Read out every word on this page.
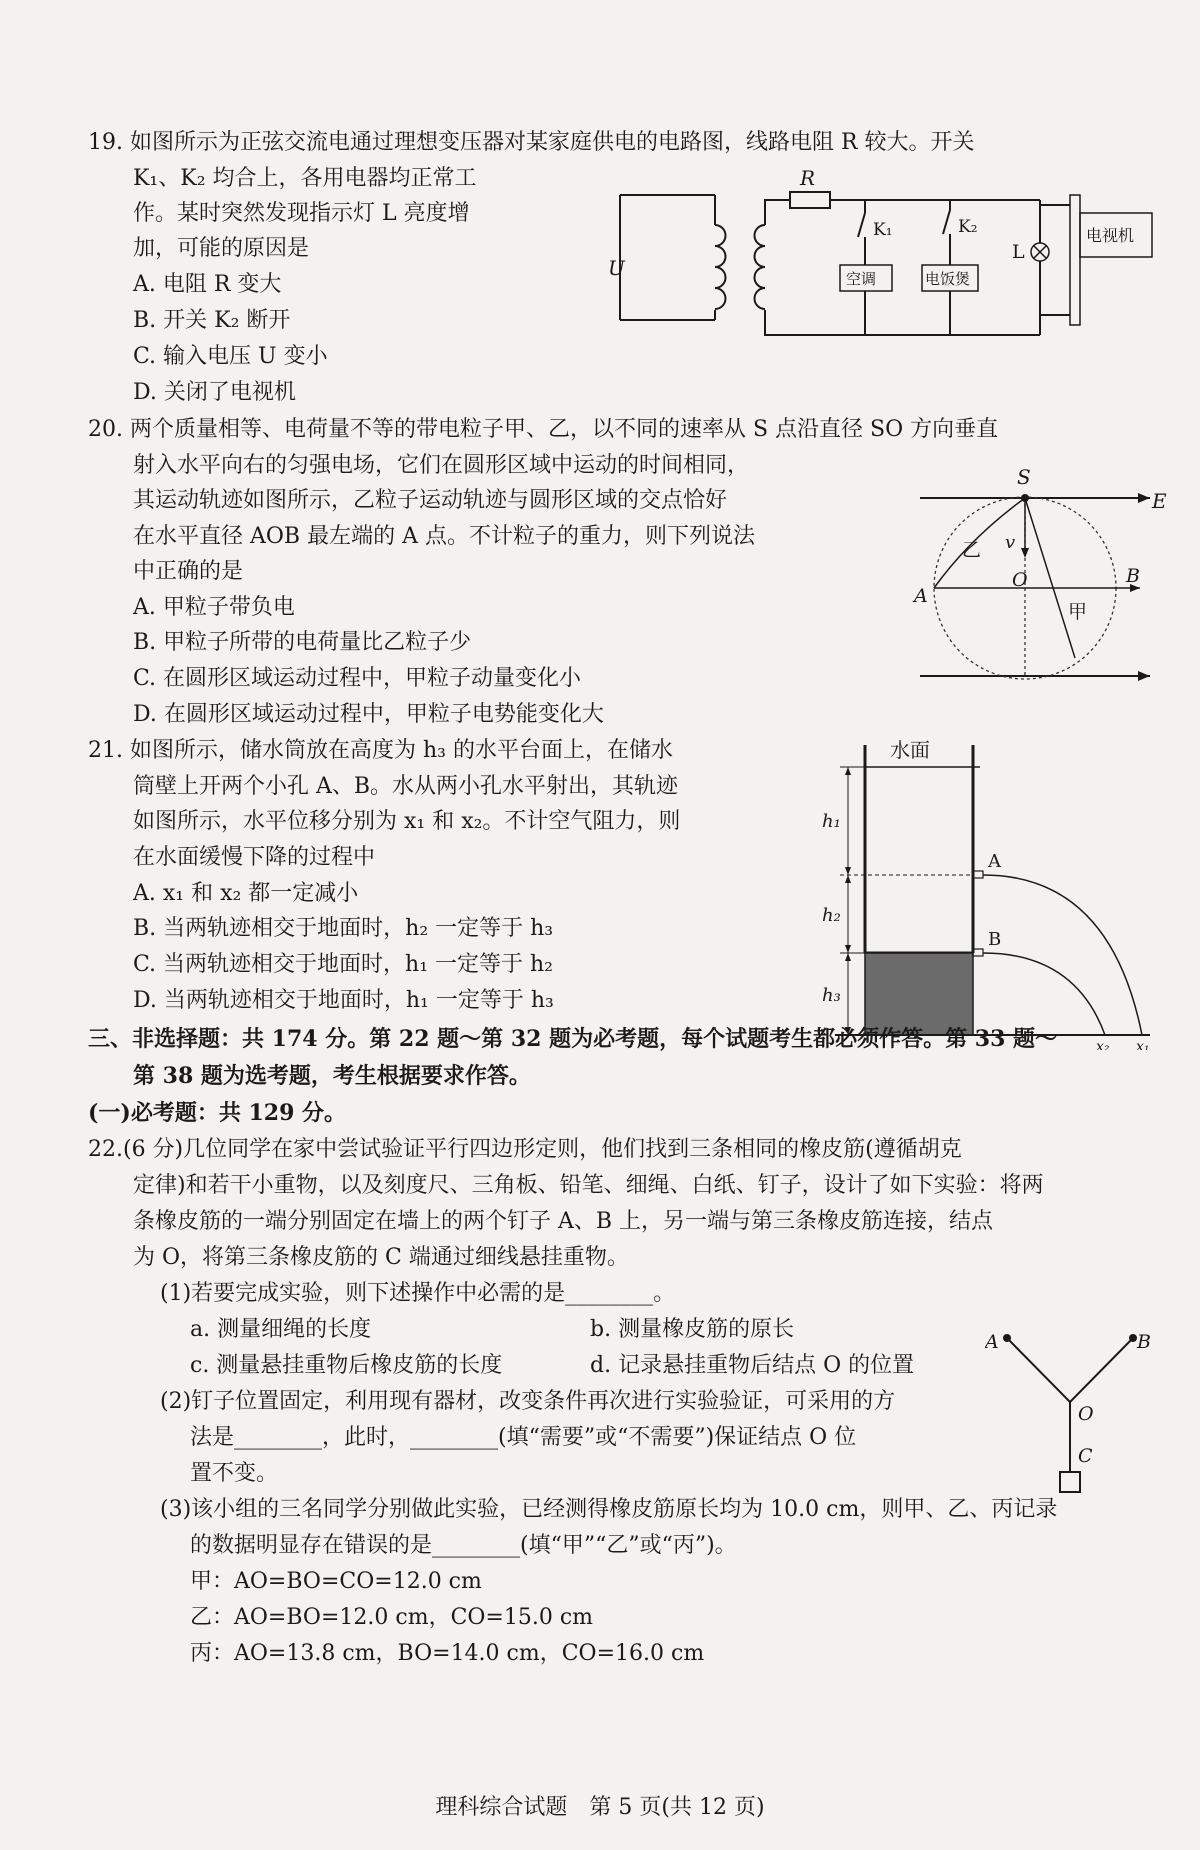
19. 如图所示为正弦交流电通过理想变压器对某家庭供电的电路图，线路电阻 R 较大。开关
K₁、K₂ 均合上，各用电器均正常工
作。某时突然发现指示灯 L 亮度增
加，可能的原因是
A. 电阻 R 变大
B. 开关 K₂ 断开
C. 输入电压 U 变小
D. 关闭了电视机
U
R
K₁
空调
K₂
电饭煲
L
电视机
20. 两个质量相等、电荷量不等的带电粒子甲、乙，以不同的速率从 S 点沿直径 SO 方向垂直
射入水平向右的匀强电场，它们在圆形区域中运动的时间相同，
其运动轨迹如图所示，乙粒子运动轨迹与圆形区域的交点恰好
在水平直径 AOB 最左端的 A 点。不计粒子的重力，则下列说法
中正确的是
A. 甲粒子带负电
B. 甲粒子所带的电荷量比乙粒子少
C. 在圆形区域运动过程中，甲粒子动量变化小
D. 在圆形区域运动过程中，甲粒子电势能变化大
S
E
乙 v
A
O	B
甲
21. 如图所示，储水筒放在高度为 h₃ 的水平台面上，在储水
筒壁上开两个小孔 A、B。水从两小孔水平射出，其轨迹
如图所示，水平位移分别为 x₁ 和 x₂。不计空气阻力，则
在水面缓慢下降的过程中
A. x₁ 和 x₂ 都一定减小
B. 当两轨迹相交于地面时，h₂ 一定等于 h₃
C. 当两轨迹相交于地面时，h₁ 一定等于 h₂
D. 当两轨迹相交于地面时，h₁ 一定等于 h₃
水面
h₁
h₂
h₃
A
B
x₂ x₁
三、非选择题：共 174 分。第 22 题～第 32 题为必考题，每个试题考生都必须作答。第 33 题～
第 38 题为选考题，考生根据要求作答。
(一)必考题：共 129 分。
22.(6 分)几位同学在家中尝试验证平行四边形定则，他们找到三条相同的橡皮筋(遵循胡克
定律)和若干小重物，以及刻度尺、三角板、铅笔、细绳、白纸、钉子，设计了如下实验：将两
条橡皮筋的一端分别固定在墙上的两个钉子 A、B 上，另一端与第三条橡皮筋连接，结点
为 O，将第三条橡皮筋的 C 端通过细线悬挂重物。
(1)若要完成实验，则下述操作中必需的是________。
a. 测量细绳的长度	b. 测量橡皮筋的原长
c. 测量悬挂重物后橡皮筋的长度	d. 记录悬挂重物后结点 O 的位置
(2)钉子位置固定，利用现有器材，改变条件再次进行实验验证，可采用的方
法是________，此时，________(填“需要”或“不需要”)保证结点 O 位
置不变。
(3)该小组的三名同学分别做此实验，已经测得橡皮筋原长均为 10.0 cm，则甲、乙、丙记录
的数据明显存在错误的是________(填“甲”“乙”或“丙”)。
甲：AO=BO=CO=12.0 cm
乙：AO=BO=12.0 cm，CO=15.0 cm
丙：AO=13.8 cm，BO=14.0 cm，CO=16.0 cm
A	B
O
C
理科综合试题　第 5 页(共 12 页)
